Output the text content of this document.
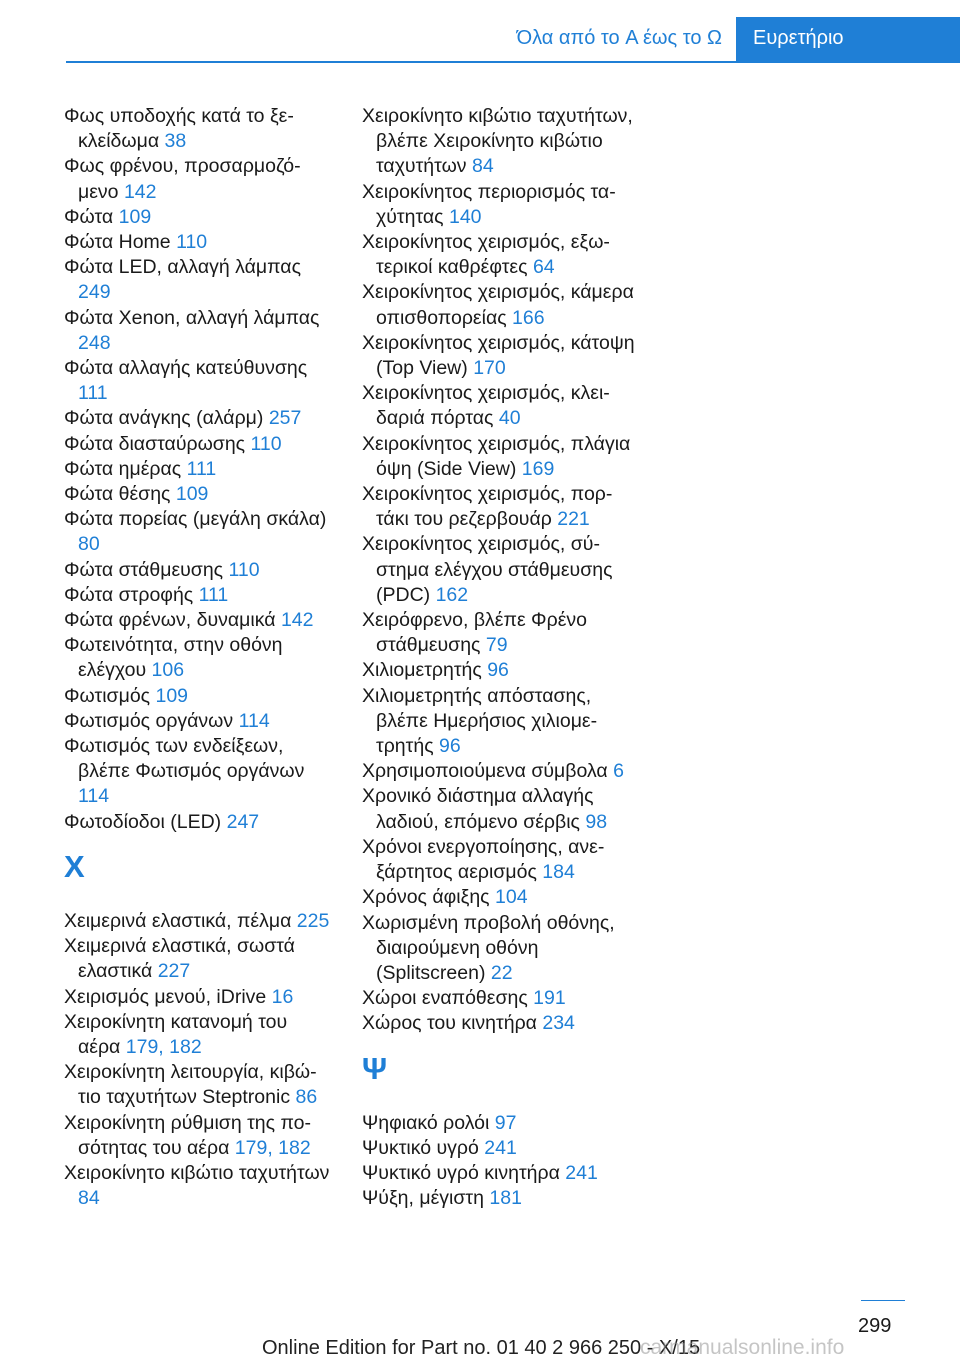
Όλα από το A έως το Ω	Ευρετήριο
Φως υποδοχής κατά το ξεκλείδωμα 38
Φως φρένου, προσαρμοζόμενο 142
Φώτα 109
Φώτα Home 110
Φώτα LED, αλλαγή λάμπας 249
Φώτα Xenon, αλλαγή λάμπας 248
Φώτα αλλαγής κατεύθυνσης 111
Φώτα ανάγκης (αλάρμ) 257
Φώτα διασταύρωσης 110
Φώτα ημέρας 111
Φώτα θέσης 109
Φώτα πορείας (μεγάλη σκάλα) 80
Φώτα στάθμευσης 110
Φώτα στροφής 111
Φώτα φρένων, δυναμικά 142
Φωτεινότητα, στην οθόνη ελέγχου 106
Φωτισμός 109
Φωτισμός οργάνων 114
Φωτισμός των ενδείξεων, βλέπε Φωτισμός οργάνων 114
Φωτοδίοδοι (LED) 247
Χ
Χειμερινά ελαστικά, πέλμα 225
Χειμερινά ελαστικά, σωστά ελαστικά 227
Χειρισμός μενού, iDrive 16
Χειροκίνητη κατανομή του αέρα 179, 182
Χειροκίνητη λειτουργία, κιβώτιο ταχυτήτων Steptronic 86
Χειροκίνητη ρύθμιση της ποσότητας του αέρα 179, 182
Χειροκίνητο κιβώτιο ταχυτήτων 84
Χειροκίνητο κιβώτιο ταχυτήτων, βλέπε Χειροκίνητο κιβώτιο ταχυτήτων 84
Χειροκίνητος περιορισμός ταχύτητας 140
Χειροκίνητος χειρισμός, εξωτερικοί καθρέφτες 64
Χειροκίνητος χειρισμός, κάμερα οπισθοπορείας 166
Χειροκίνητος χειρισμός, κάτοψη (Top View) 170
Χειροκίνητος χειρισμός, κλειδαριά πόρτας 40
Χειροκίνητος χειρισμός, πλάγια όψη (Side View) 169
Χειροκίνητος χειρισμός, πορτάκι του ρεζερβουάρ 221
Χειροκίνητος χειρισμός, σύστημα ελέγχου στάθμευσης (PDC) 162
Χειρόφρενο, βλέπε Φρένο στάθμευσης 79
Χιλιομετρητής 96
Χιλιομετρητής απόστασης, βλέπε Ημερήσιος χιλιομετρητής 96
Χρησιμοποιούμενα σύμβολα 6
Χρονικό διάστημα αλλαγής λαδιού, επόμενο σέρβις 98
Χρόνοι ενεργοποίησης, ανεξάρτητος αερισμός 184
Χρόνος άφιξης 104
Χωρισμένη προβολή οθόνης, διαιρούμενη οθόνη (Splitscreen) 22
Χώροι εναπόθεσης 191
Χώρος του κινητήρα 234
Ψ
Ψηφιακό ρολόι 97
Ψυκτικό υγρό 241
Ψυκτικό υγρό κινητήρα 241
Ψύξη, μέγιστη 181
299
Online Edition for Part no. 01 40 2 966 250 - X/15
carmanualsonline.info
